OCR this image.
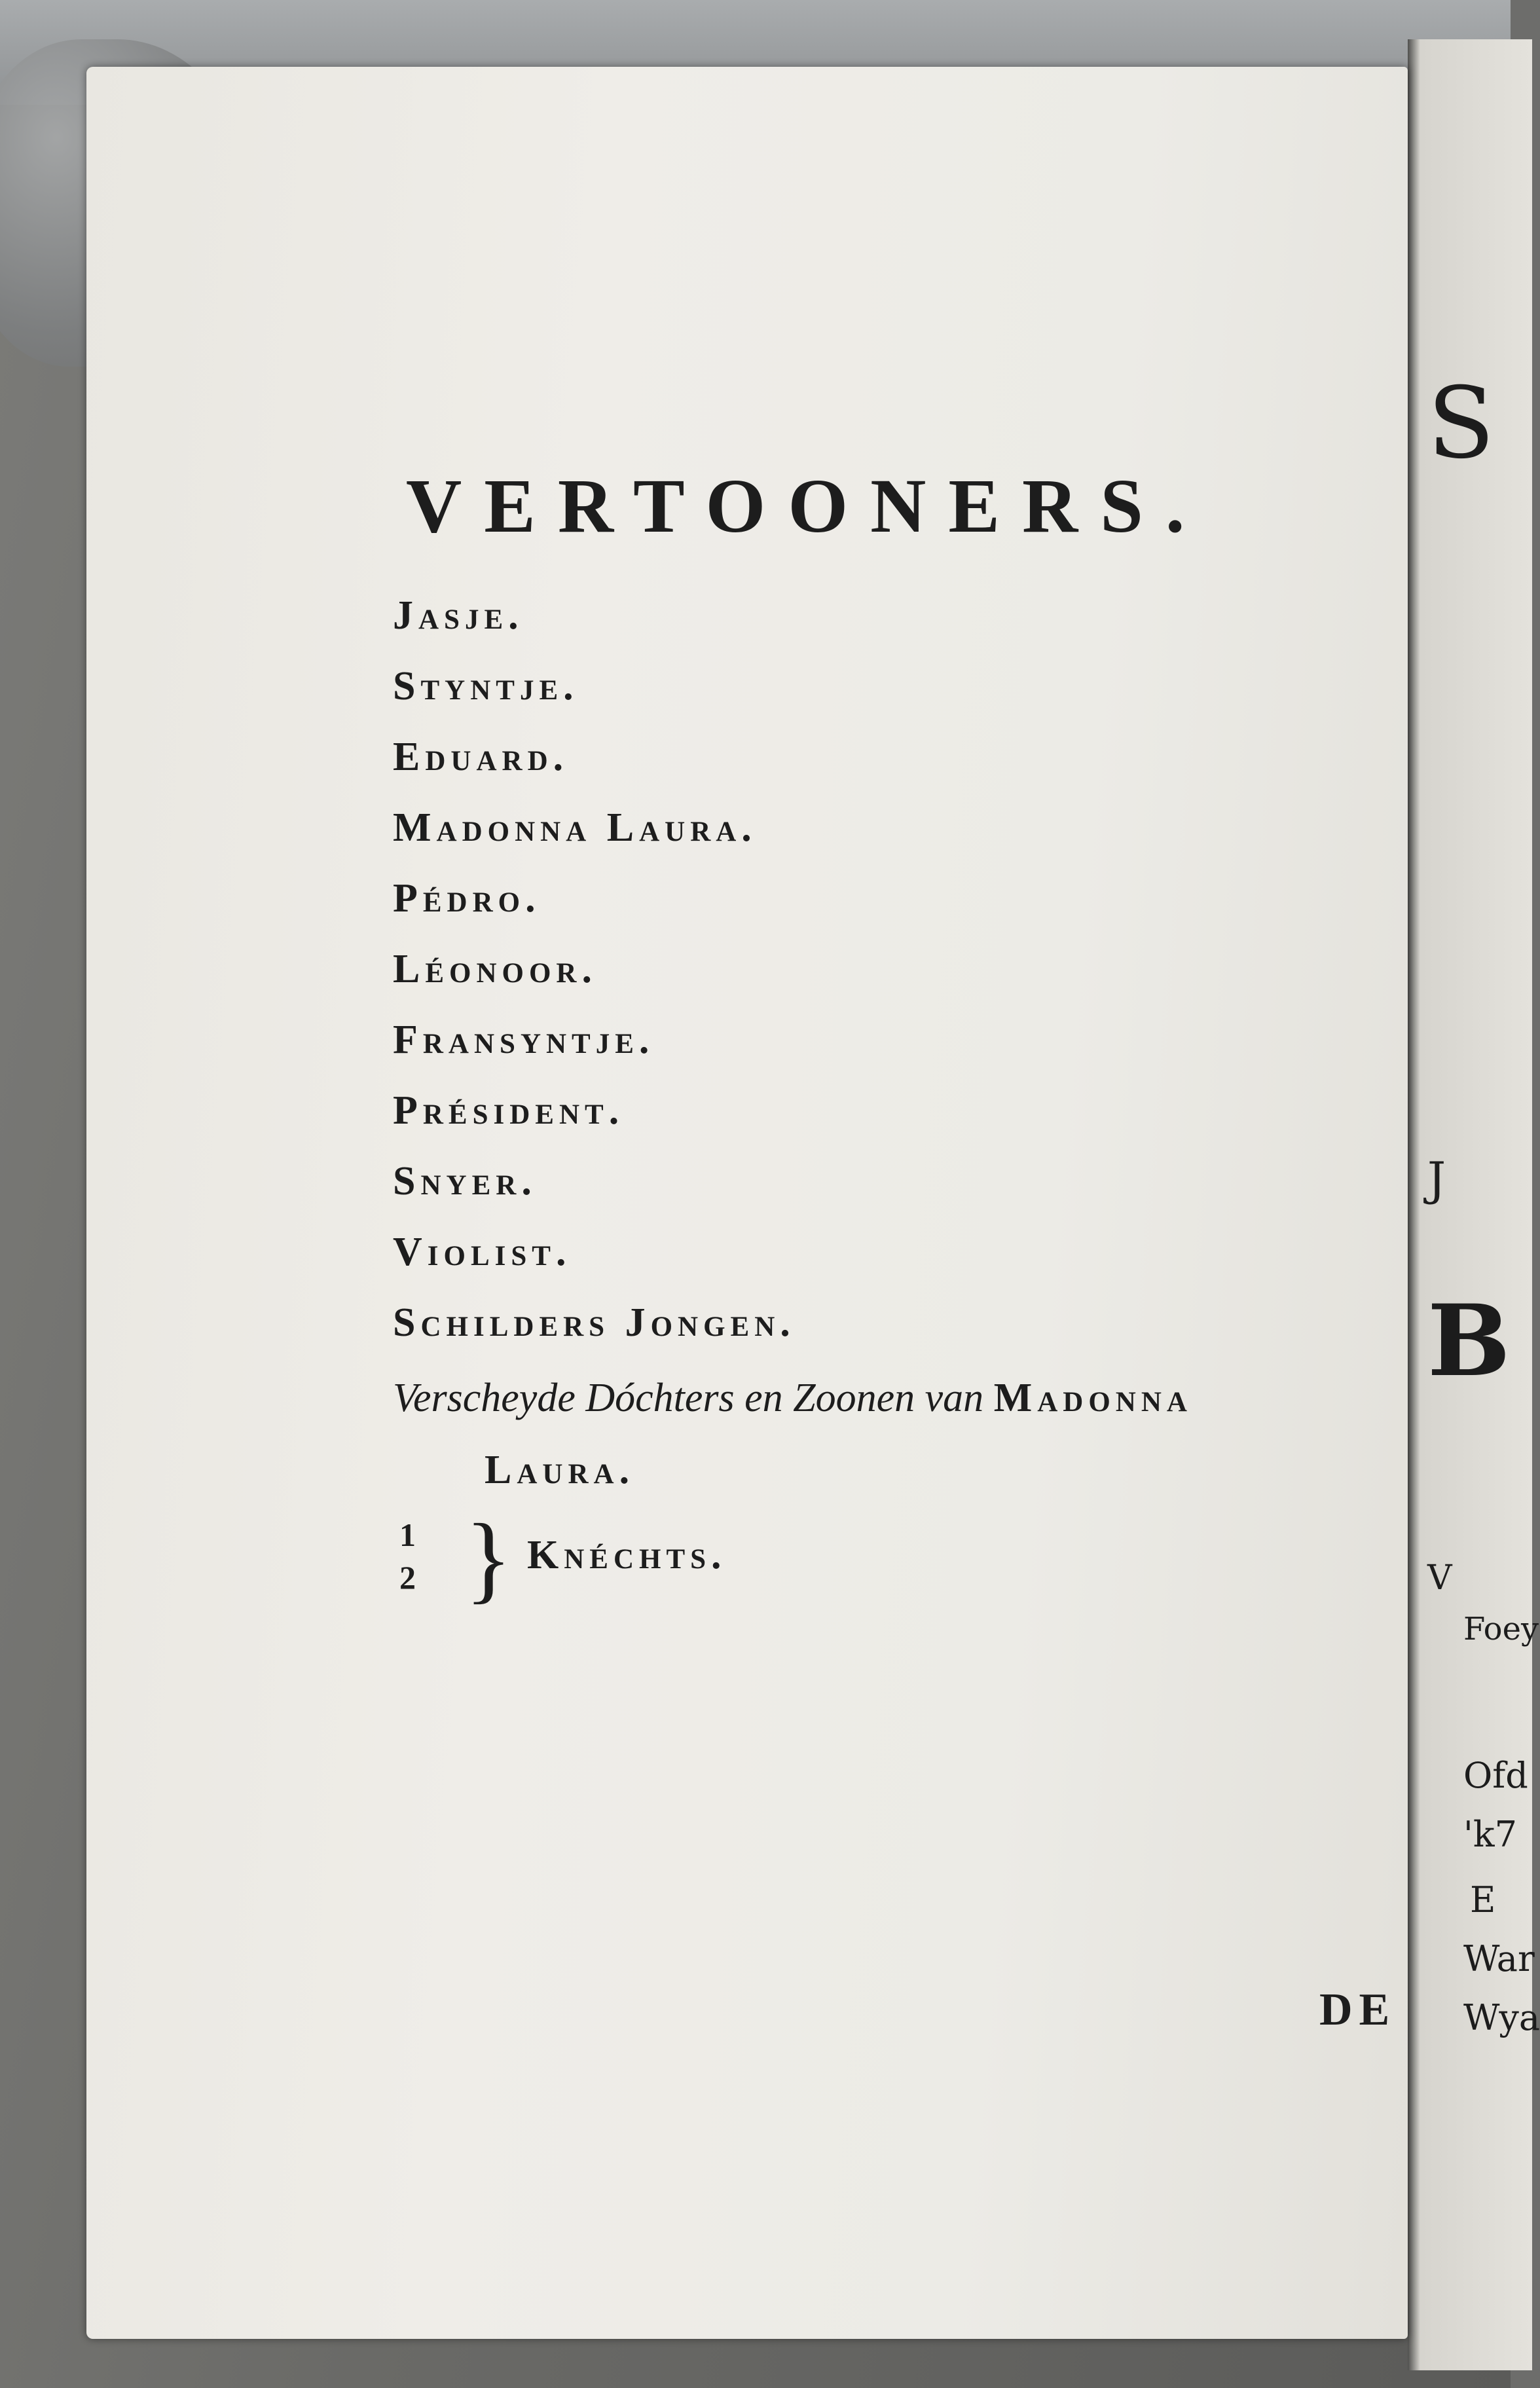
S
J
B
V
Foey
Ofd
'k7
E
War
Wya
VERTOONERS.
Jasje.
Styntje.
Eduard.
Madonna Laura.
Pédro.
Léonoor.
Fransyntje.
Président.
Snyer.
Violist.
Schilders Jongen.
Verscheyde Dóchters en Zoonen van Madonna
Laura.
1
2 } Knéchts.
DE
